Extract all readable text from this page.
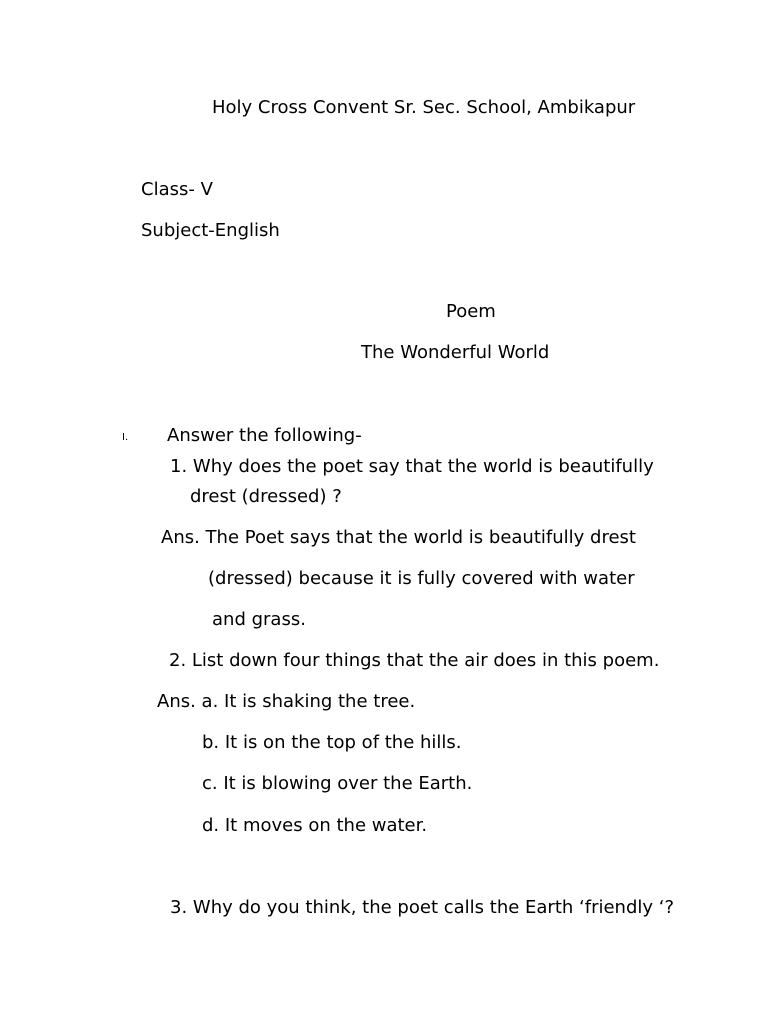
Holy Cross Convent Sr. Sec. School, Ambikapur
Class- V
Subject-English
Poem
The Wonderful World
I. Answer the following-
1. Why does the poet say that the world is beautifully
drest (dressed) ?
Ans. The Poet says that the world is beautifully drest
(dressed) because it is fully covered with water
and grass.
2. List down four things that the air does in this poem.
Ans. a. It is shaking the tree.
b. It is on the top of the hills.
c. It is blowing over the Earth.
d. It moves on the water.
3. Why do you think, the poet calls the Earth ‘friendly ‘?
